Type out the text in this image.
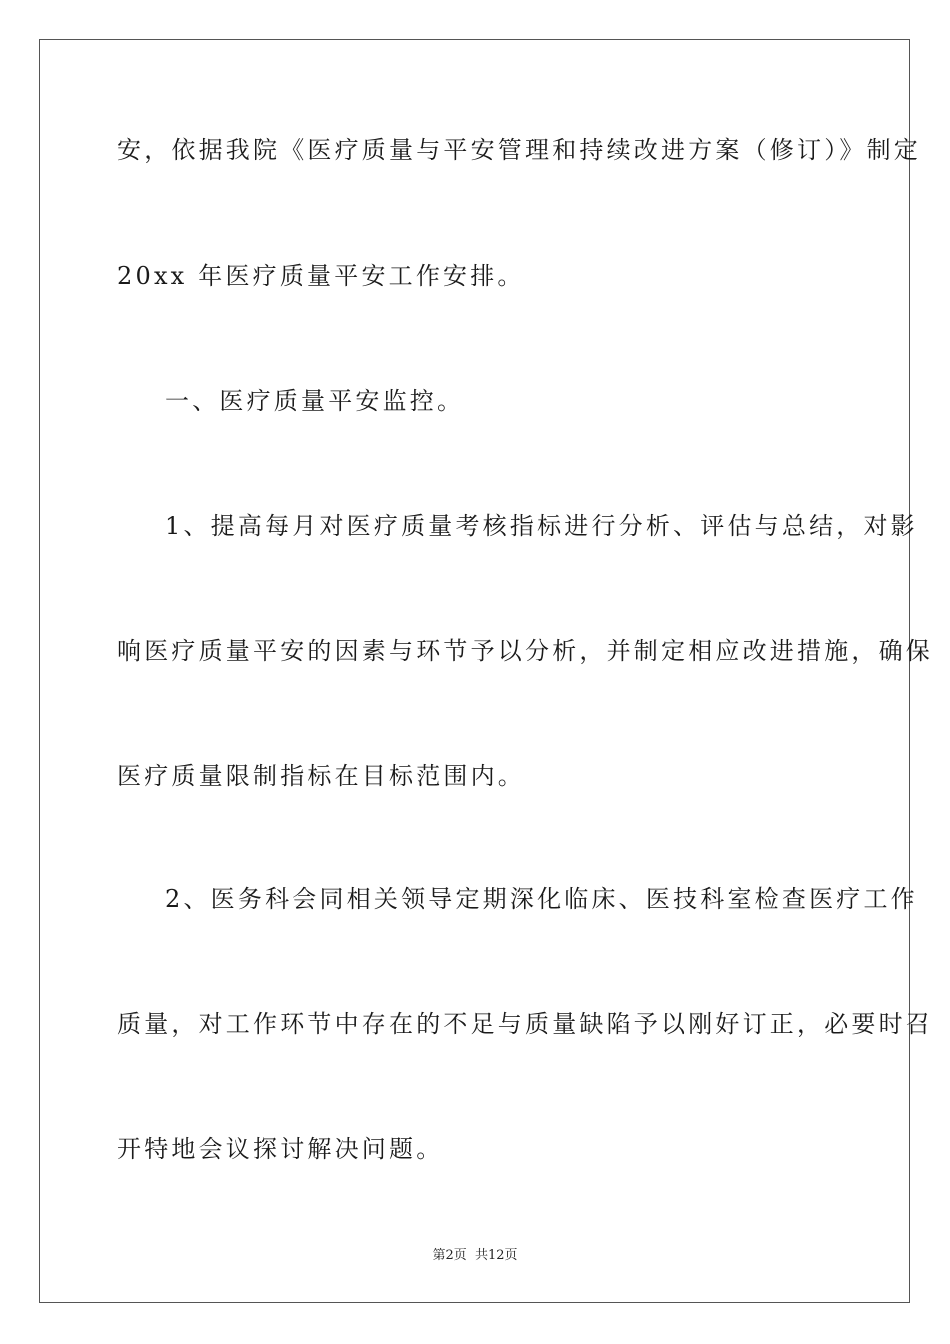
安，依据我院《医疗质量与平安管理和持续改进方案（修订）》制定
20xx 年医疗质量平安工作安排。
一、医疗质量平安监控。
1、提高每月对医疗质量考核指标进行分析、评估与总结，对影
响医疗质量平安的因素与环节予以分析，并制定相应改进措施，确保
医疗质量限制指标在目标范围内。
2、医务科会同相关领导定期深化临床、医技科室检查医疗工作
质量，对工作环节中存在的不足与质量缺陷予以刚好订正，必要时召
开特地会议探讨解决问题。
第2页 共12页
